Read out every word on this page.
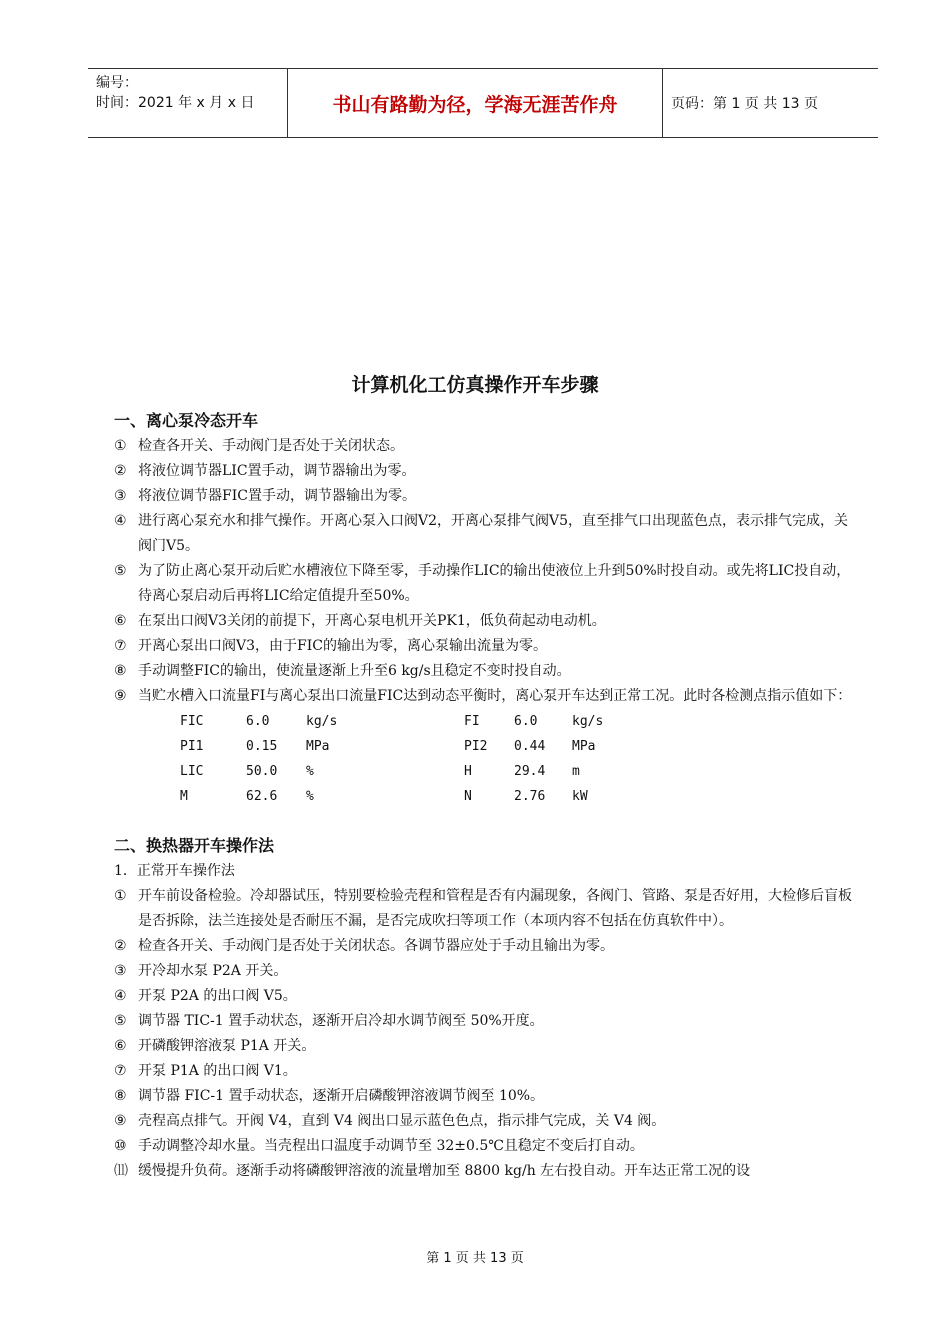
编号：
时间：2021 年 x 月 x 日	书山有路勤为径，学海无涯苦作舟	页码：第 1 页 共 13 页
计算机化工仿真操作开车步骤
一、离心泵冷态开车
① 检查各开关、手动阀门是否处于关闭状态。
② 将液位调节器LIC置手动，调节器输出为零。
③ 将液位调节器FIC置手动，调节器输出为零。
④ 进行离心泵充水和排气操作。开离心泵入口阀V2，开离心泵排气阀V5，直至排气口出现蓝色点，表示排气完成，关阀门V5。
⑤ 为了防止离心泵开动后贮水槽液位下降至零，手动操作LIC的输出使液位上升到50%时投自动。或先将LIC投自动，待离心泵启动后再将LIC给定值提升至50%。
⑥ 在泵出口阀V3关闭的前提下，开离心泵电机开关PK1，低负荷起动电动机。
⑦ 开离心泵出口阀V3，由于FIC的输出为零，离心泵输出流量为零。
⑧ 手动调整FIC的输出，使流量逐渐上升至6 kg/s且稳定不变时投自动。
⑨ 当贮水槽入口流量FI与离心泵出口流量FIC达到动态平衡时，离心泵开车达到正常工况。此时各检测点指示值如下：
FIC	6.0	kg/s	FI	6.0	kg/s
PI1	0.15	MPa	PI2	0.44	MPa
LIC	50.0	%	H	29.4	m
M	62.6	%	N	2.76	kW
二、换热器开车操作法
1．正常开车操作法
① 开车前设备检验。冷却器试压，特别要检验壳程和管程是否有内漏现象，各阀门、管路、泵是否好用，大检修后盲板是否拆除，法兰连接处是否耐压不漏，是否完成吹扫等项工作（本项内容不包括在仿真软件中）。
② 检查各开关、手动阀门是否处于关闭状态。各调节器应处于手动且输出为零。
③ 开冷却水泵 P2A 开关。
④ 开泵 P2A 的出口阀 V5。
⑤ 调节器 TIC-1 置手动状态，逐渐开启冷却水调节阀至 50%开度。
⑥ 开磷酸钾溶液泵 P1A 开关。
⑦ 开泵 P1A 的出口阀 V1。
⑧ 调节器 FIC-1 置手动状态，逐渐开启磷酸钾溶液调节阀至 10%。
⑨ 壳程高点排气。开阀 V4，直到 V4 阀出口显示蓝色色点，指示排气完成，关 V4 阀。
⑩ 手动调整冷却水量。当壳程出口温度手动调节至 32±0.5℃且稳定不变后打自动。
⑾ 缓慢提升负荷。逐渐手动将磷酸钾溶液的流量增加至 8800 kg/h 左右投自动。开车达正常工况的设
第 1 页 共 13 页
